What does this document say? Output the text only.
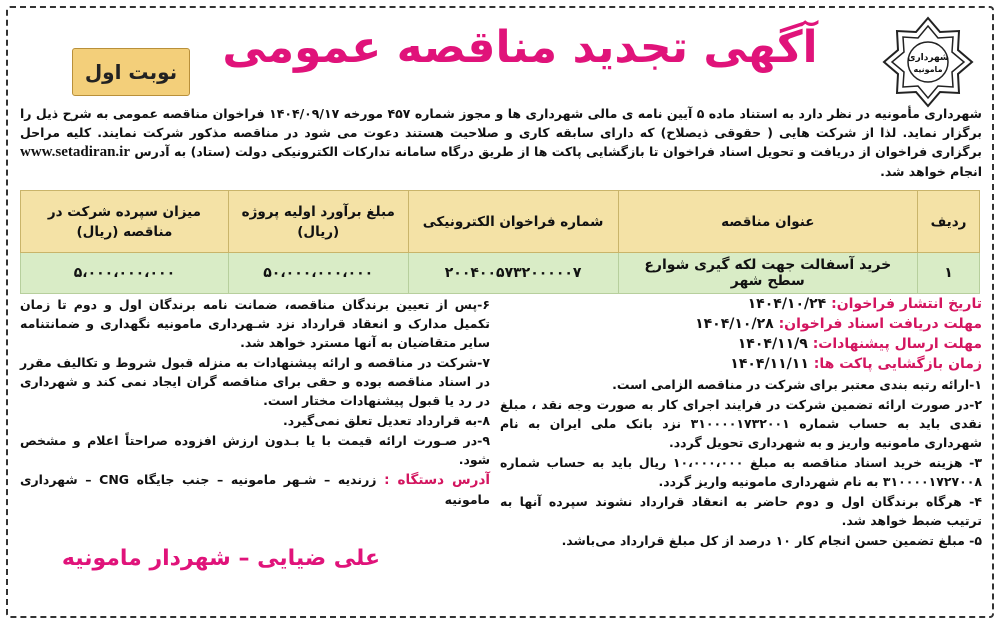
نوبت اول	آگهی تجدید مناقصه عمومی	شهرداری
مامونیه
شهرداری مأمونیه در نظر دارد به استناد ماده ۵ آیین نامه ی مالی شهرداری ها و مجوز شماره ۴۵۷ مورخه ۱۴۰۴/۰۹/۱۷ فراخوان مناقصه عمومی به شرح ذیل را برگزار نماید. لذا از شرکت هایی ( حقوقی ذیصلاح) که دارای سابقه کاری و صلاحیت هستند دعوت می شود در مناقصه مذکور شرکت نمایند. کلیه مراحل برگزاری فراخوان از دریافت و تحویل اسناد فراخوان تا بازگشایی پاکت ها از طریق درگاه سامانه تدارکات الکترونیکی دولت (ستاد) به آدرس www.setadiran.ir انجام خواهد شد.
ردیف	عنوان مناقصه	شماره فراخوان الکترونیکی	مبلغ برآورد اولیه پروژه (ریال)	میزان سپرده شرکت در مناقصه (ریال)
۱	خرید آسفالت جهت لکه گیری شوارع سطح شهر	۲۰۰۴۰۰۵۷۳۲۰۰۰۰۰۷	۵۰،۰۰۰،۰۰۰،۰۰۰	۵،۰۰۰،۰۰۰،۰۰۰
تاریخ انتشار فراخوان: ۱۴۰۴/۱۰/۲۴
مهلت دریافت اسناد فراخوان: ۱۴۰۴/۱۰/۲۸
مهلت ارسال پیشنهادات: ۱۴۰۴/۱۱/۹
زمان بازگشایی پاکت ها: ۱۴۰۴/۱۱/۱۱
۱-ارائه رتبه بندی معتبر برای شرکت در مناقصه الزامی است.
۲-در صورت ارائه تضمین شرکت در فرایند اجرای کار به صورت وجه نقد ، مبلغ نقدی باید به حساب شماره ۳۱۰۰۰۰۱۷۳۲۰۰۱ نزد بانک ملی ایران به نام شهرداری مامونیه واریز و به شهرداری تحویل گردد.
۳- هزینه خرید اسناد مناقصه به مبلغ ۱۰،۰۰۰،۰۰۰ ریال باید به حساب شماره ۳۱۰۰۰۰۱۷۲۷۰۰۸ به نام شهرداری مامونیه واریز گردد.
۴- هرگاه برندگان اول و دوم حاضر به انعقاد قرارداد نشوند سپرده آنها به ترتیب ضبط خواهد شد.
۵- مبلغ تضمین حسن انجام کار ۱۰ درصد از کل مبلغ قرارداد می‌باشد.
۶-پس از تعیین برندگان مناقصه، ضمانت نامه برندگان اول و دوم تا زمان تکمیل مدارک و انعقاد قرارداد نزد شـهرداری مامونیه نگهداری و ضمانتنامه سایر متقاضیان به آنها مسترد خواهد شد.
۷-شرکت در مناقصه و ارائه پیشنهادات به منزله قبول شروط و تکالیف مقرر در اسناد مناقصه بوده و حقی برای مناقصه گران ایجاد نمی کند و شهرداری در رد یا قبول پیشنهادات مختار است.
۸-به قرارداد تعدیل تعلق نمی‌گیرد.
۹-در صـورت ارائه قیمت با یا بـدون ارزش افزوده صراحتاً اعلام و مشخص شود.
آدرس دستگاه : زرندیه – شـهر مامونیه – جنب جایگاه CNG – شهرداری مامونیه
علی ضیایی – شهردار مامونیه
